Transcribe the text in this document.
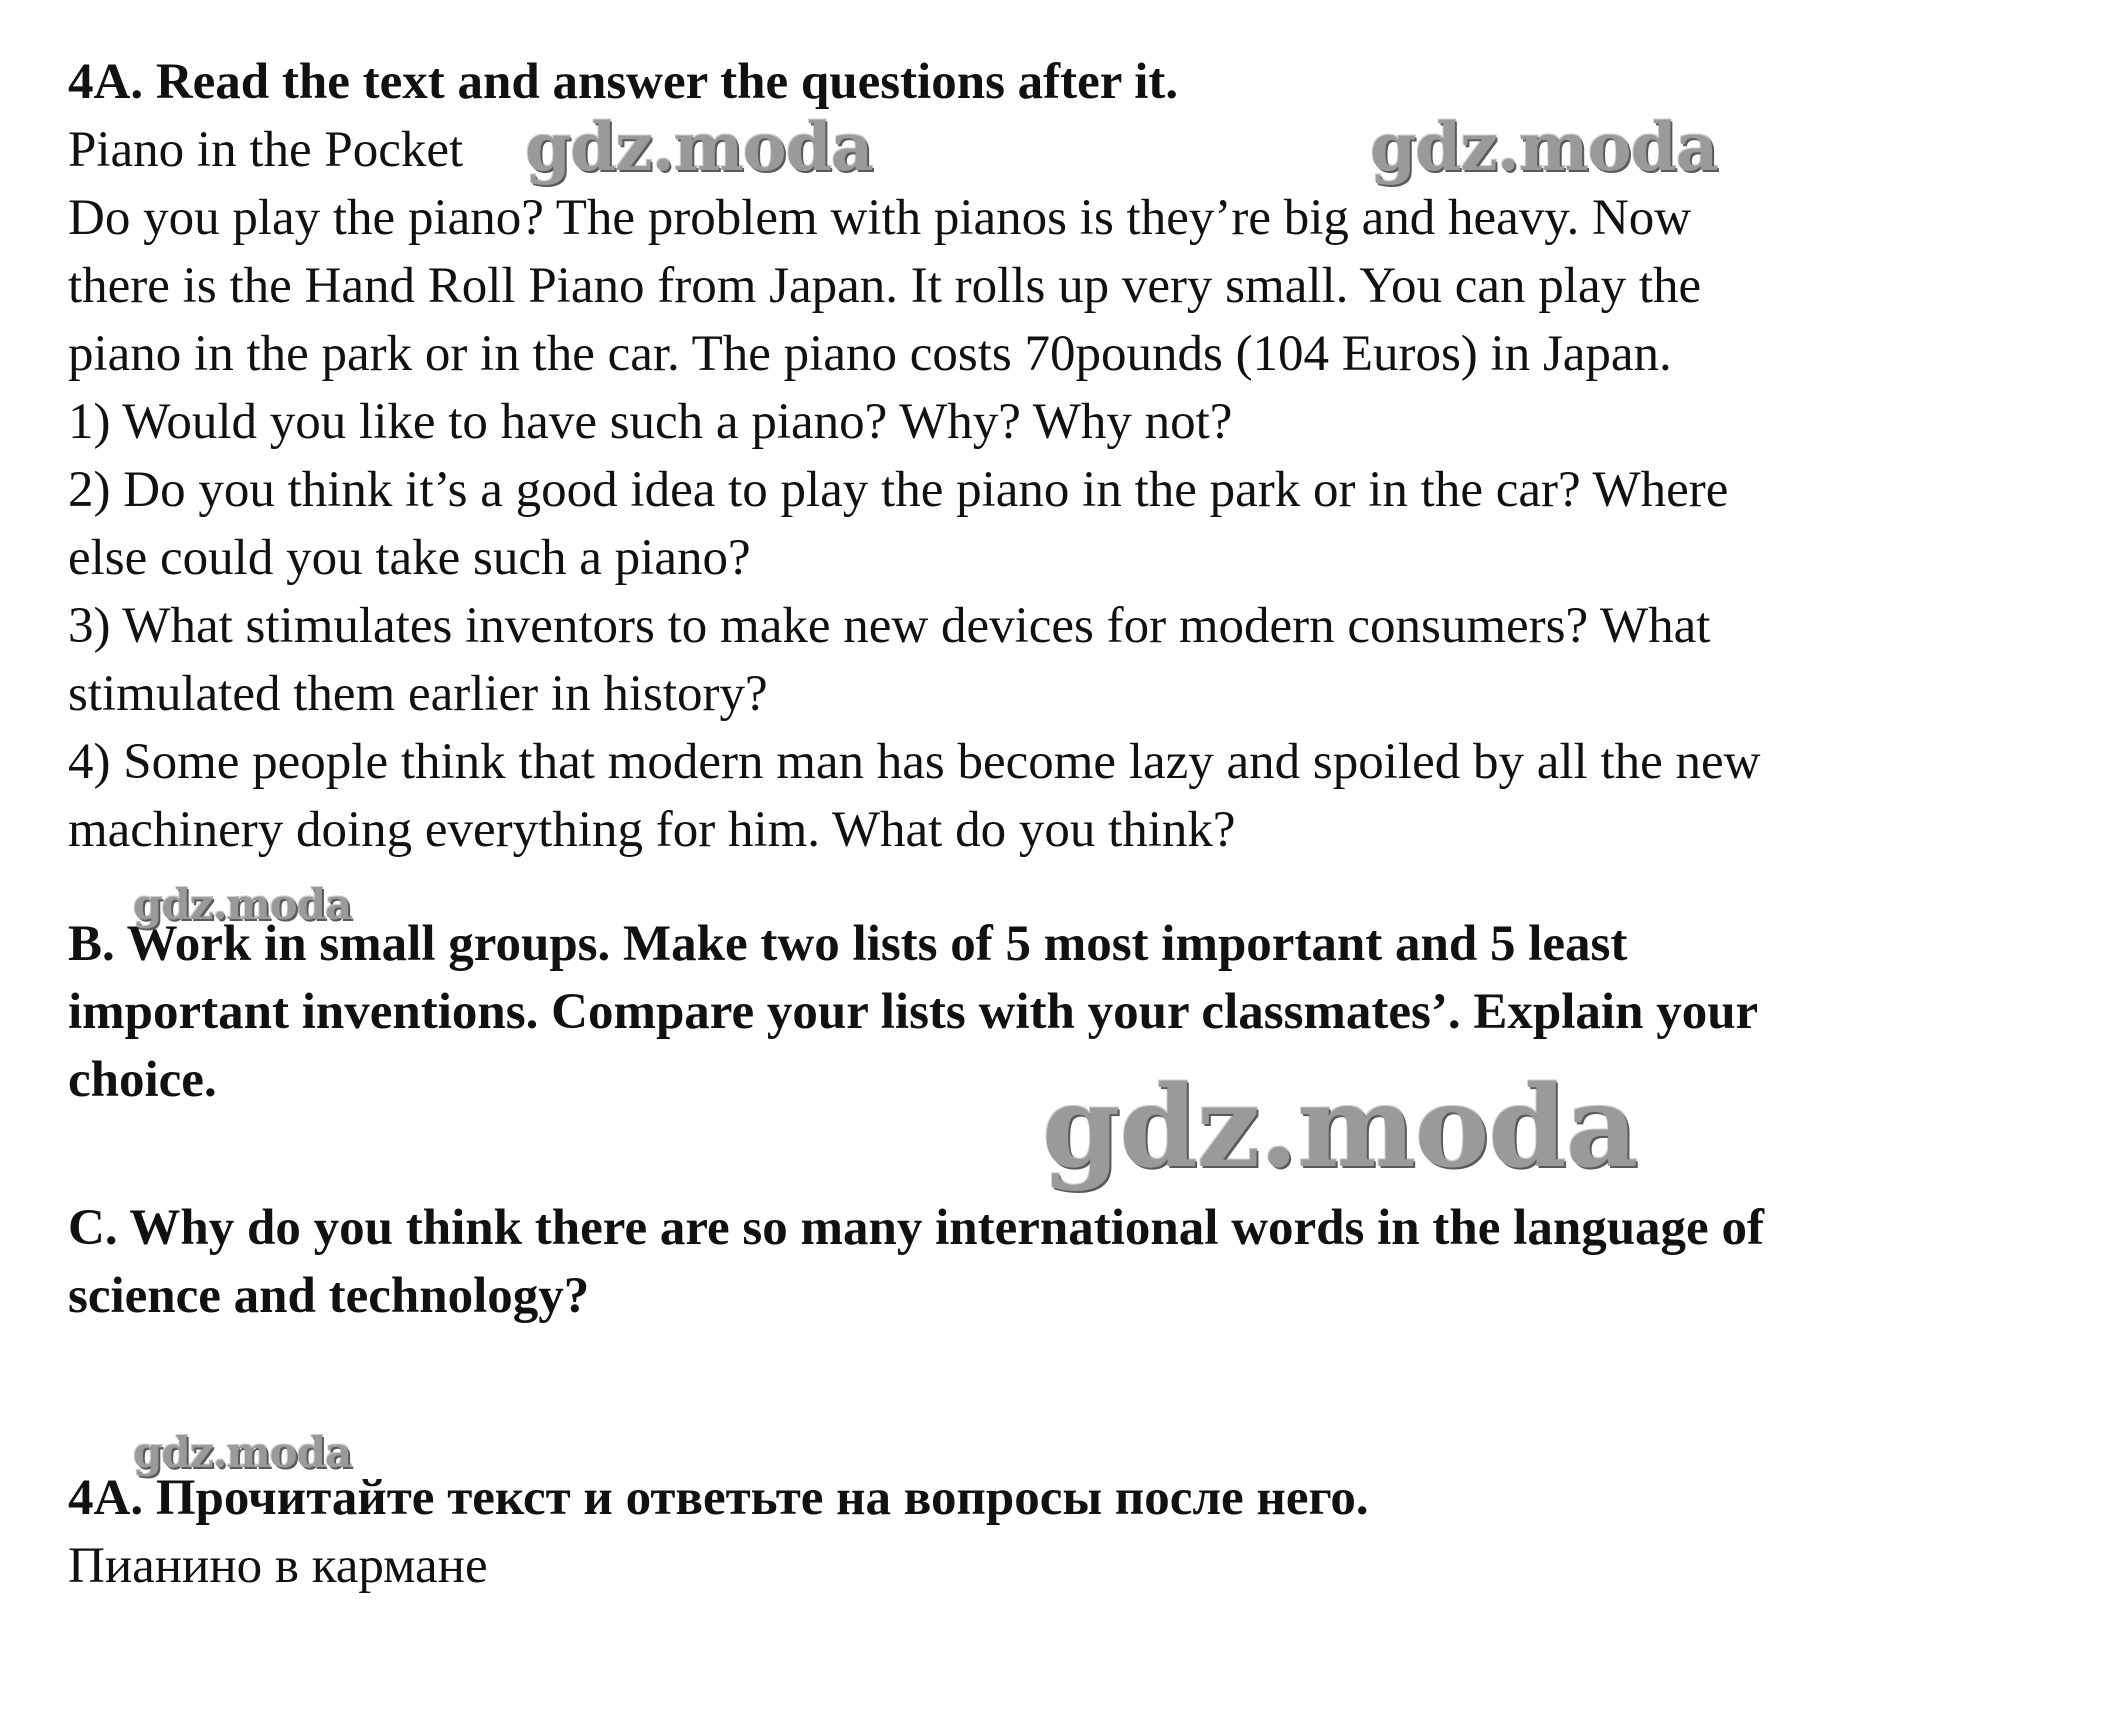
4A. Read the text and answer the questions after it.

Piano in the Pocket

Do you play the piano? The problem with pianos is they’re big and heavy. Now

there is the Hand Roll Piano from Japan. It rolls up very small. You can play the

piano in the park or in the car. The piano costs 70pounds (104 Euros) in Japan.

1) Would you like to have such a piano? Why? Why not?

2) Do you think it’s a good idea to play the piano in the park or in the car? Where

else could you take such a piano?

3) What stimulates inventors to make new devices for modern consumers? What

stimulated them earlier in history?

4) Some people think that modern man has become lazy and spoiled by all the new

machinery doing everything for him. What do you think?

B. Work in small groups. Make two lists of 5 most important and 5 least

important inventions. Compare your lists with your classmates’. Explain your

choice.

C. Why do you think there are so many international words in the language of

science and technology?

4A. Прочитайте текст и ответьте на вопросы после него.

Пианино в кармане

gdz.moda	gdz.moda
gdz.moda
gdz.moda
gdz.moda
